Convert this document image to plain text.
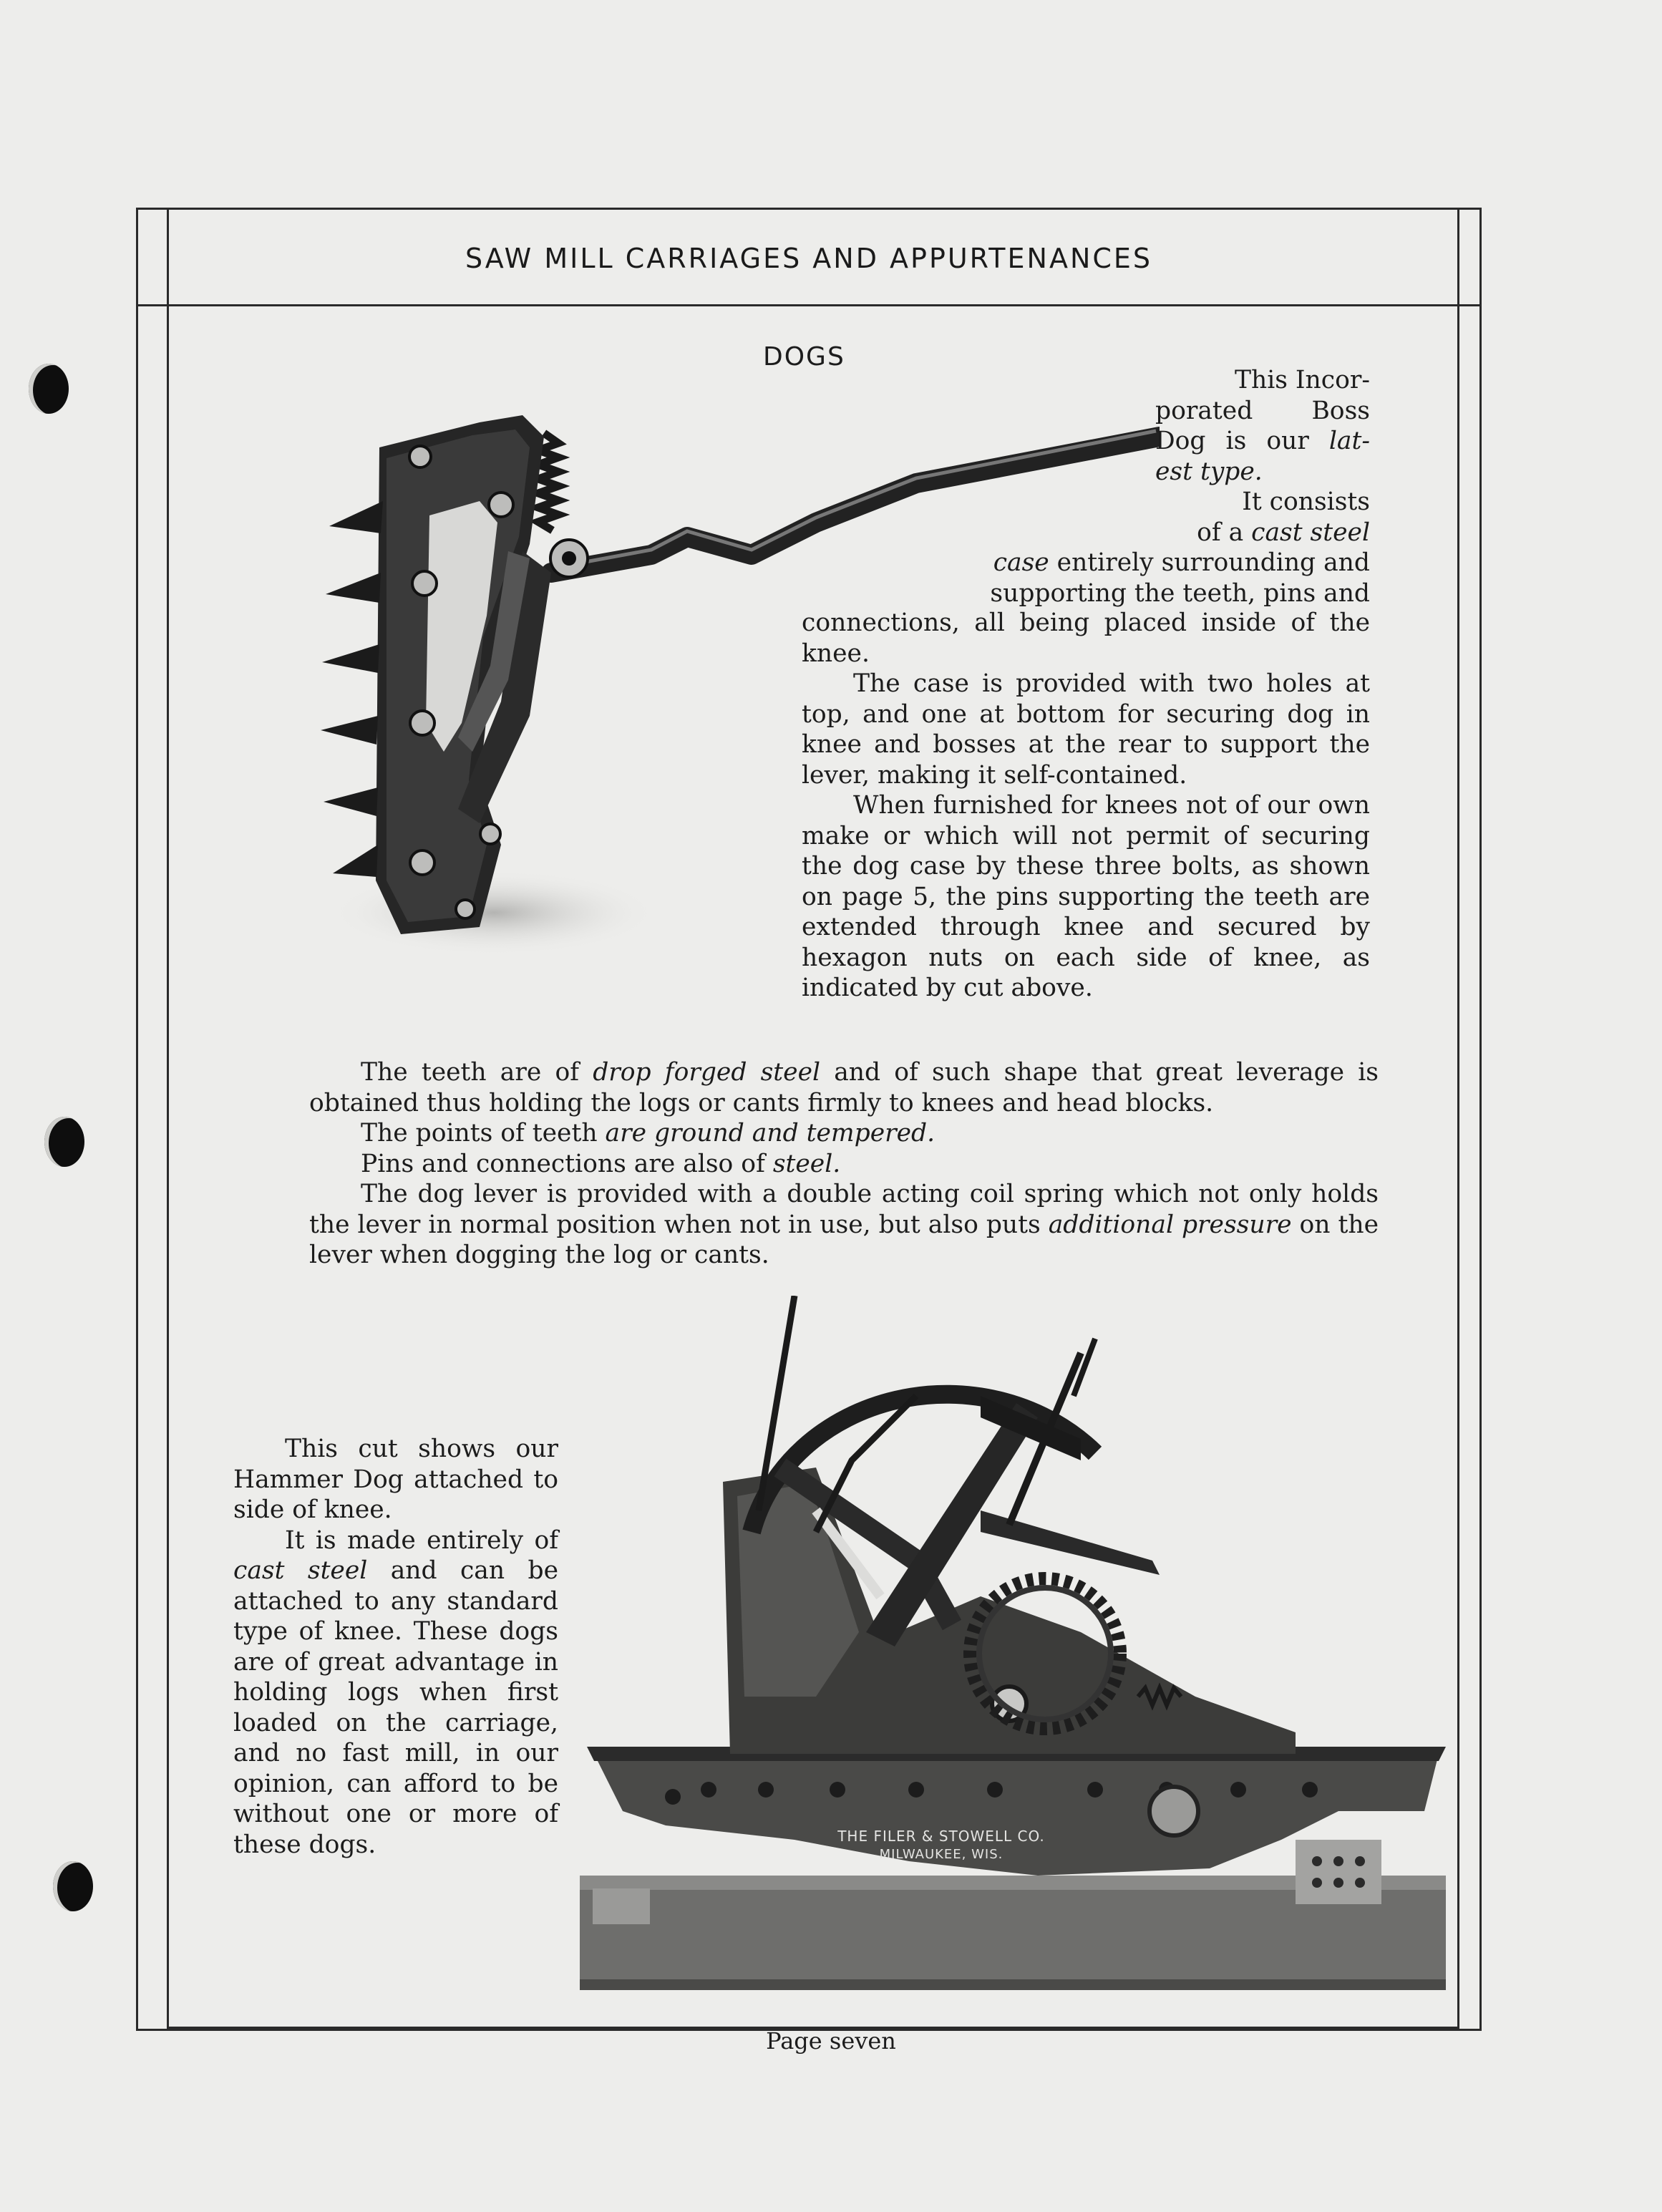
SAW MILL CARRIAGES AND APPURTENANCES
DOGS

This Incor-

porated Boss

Dog is our lat-

est type.

It consists

of a cast steel

case entirely surrounding and

supporting the teeth, pins and

connections, all being placed inside of the knee.

The case is provided with two holes at top, and one at bottom for securing dog in knee and bosses at the rear to support the lever, making it self-contained.

When furnished for knees not of our own make or which will not permit of securing the dog case by these three bolts, as shown on page 5, the pins supporting the teeth are extended through knee and secured by hexagon nuts on each side of knee, as indicated by cut above.

The teeth are of drop forged steel and of such shape that great leverage is obtained thus holding the logs or cants firmly to knees and head blocks.

The points of teeth are ground and tempered.

Pins and connections are also of steel.

The dog lever is provided with a double acting coil spring which not only holds the lever in normal position when not in use, but also puts additional pressure on the lever when dogging the log or cants.

This cut shows our Hammer Dog attached to side of knee.

It is made entirely of cast steel and can be attached to any standard type of knee. These dogs are of great advantage in holding logs when first loaded on the carriage, and no fast mill, in our opinion, can afford to be without one or more of these dogs.	THE FILER & STOWELL CO.
MILWAUKEE, WIS.
Page seven
